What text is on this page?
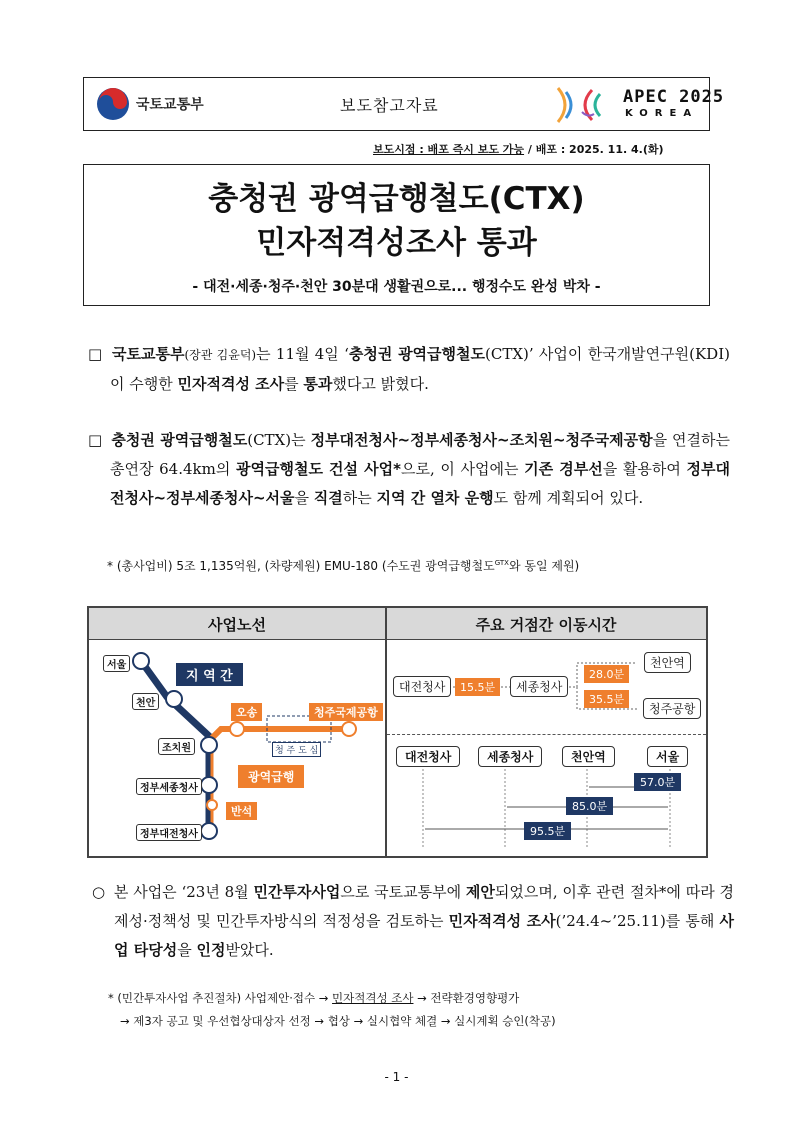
국토교통부	보도참고자료	APEC 2025
KOREA
보도시점 : 배포 즉시 보도 가능 / 배포 : 2025. 11. 4.(화)
충청권 광역급행철도(CTX)
민자적격성조사 통과
- 대전·세종·청주·천안 30분대 생활권으로... 행정수도 완성 박차 -
□ 국토교통부(장관 김윤덕)는 11월 4일 ‘충청권 광역급행철도(CTX)’ 사업이 한국개발연구원(KDI)이 수행한 민자적격성 조사를 통과했다고 밝혔다.
□ 충청권 광역급행철도(CTX)는 정부대전청사~정부세종청사~조치원~청주국제공항을 연결하는 총연장 64.4km의 광역급행철도 건설 사업*으로, 이 사업에는 기존 경부선을 활용하여 정부대전청사~정부세종청사~서울을 직결하는 지역 간 열차 운행도 함께 계획되어 있다.
* (총사업비) 5조 1,135억원, (차량제원) EMU-180 (수도권 광역급행철도$^{GTX}$와 동일 제원)
사업노선	주요 거점간 이동시간
서울
천안
조치원
정부세종청사
정부대전청사
오송	청주국제공항
반석
지 역 간
광역급행
청 주 도 심
대전청사	15.5분	세종청사
28.0분
천안역
35.5분
청주공항
대전청사	세종청사	천안역	서울
57.0분
85.0분
95.5분
○ 본 사업은 ‘23년 8월 민간투자사업으로 국토교통부에 제안되었으며, 이후 관련 절차*에 따라 경제성·정책성 및 민간투자방식의 적정성을 검토하는 민자적격성 조사(’24.4~’25.11)를 통해 사업 타당성을 인정받았다.
* (민간투자사업 추진절차) 사업제안·접수 → 민자적격성 조사 → 전략환경영향평가
→ 제3자 공고 및 우선협상대상자 선정 → 협상 → 실시협약 체결 → 실시계획 승인(착공)
- 1 -
